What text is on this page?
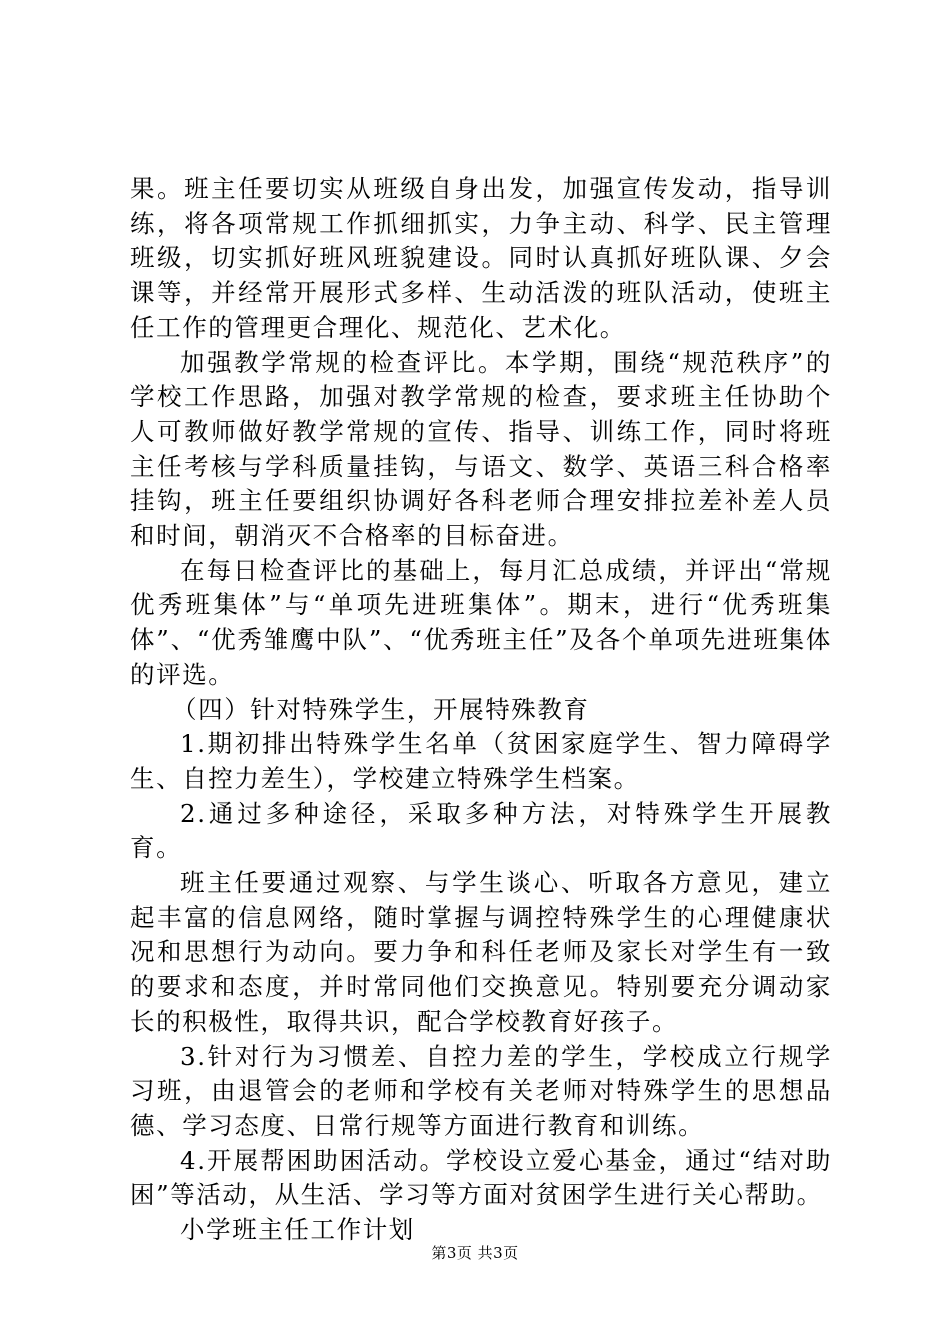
果。班主任要切实从班级自身出发，加强宣传发动，指导训练，将各项常规工作抓细抓实，力争主动、科学、民主管理班级，切实抓好班风班貌建设。同时认真抓好班队课、夕会课等，并经常开展形式多样、生动活泼的班队活动，使班主任工作的管理更合理化、规范化、艺术化。

加强教学常规的检查评比。本学期，围绕“规范秩序”的学校工作思路，加强对教学常规的检查，要求班主任协助个人可教师做好教学常规的宣传、指导、训练工作，同时将班主任考核与学科质量挂钩，与语文、数学、英语三科合格率挂钩，班主任要组织协调好各科老师合理安排拉差补差人员和时间，朝消灭不合格率的目标奋进。

在每日检查评比的基础上，每月汇总成绩，并评出“常规优秀班集体”与“单项先进班集体”。期末，进行“优秀班集体”、“优秀雏鹰中队”、“优秀班主任”及各个单项先进班集体的评选。

（四）针对特殊学生，开展特殊教育

1.期初排出特殊学生名单（贫困家庭学生、智力障碍学生、自控力差生），学校建立特殊学生档案。

2.通过多种途径，采取多种方法，对特殊学生开展教育。

班主任要通过观察、与学生谈心、听取各方意见，建立起丰富的信息网络，随时掌握与调控特殊学生的心理健康状况和思想行为动向。要力争和科任老师及家长对学生有一致的要求和态度，并时常同他们交换意见。特别要充分调动家长的积极性，取得共识，配合学校教育好孩子。

3.针对行为习惯差、自控力差的学生，学校成立行规学习班，由退管会的老师和学校有关老师对特殊学生的思想品德、学习态度、日常行规等方面进行教育和训练。

4.开展帮困助困活动。学校设立爱心基金，通过“结对助困”等活动，从生活、学习等方面对贫困学生进行关心帮助。

小学班主任工作计划

第3页 共3页
